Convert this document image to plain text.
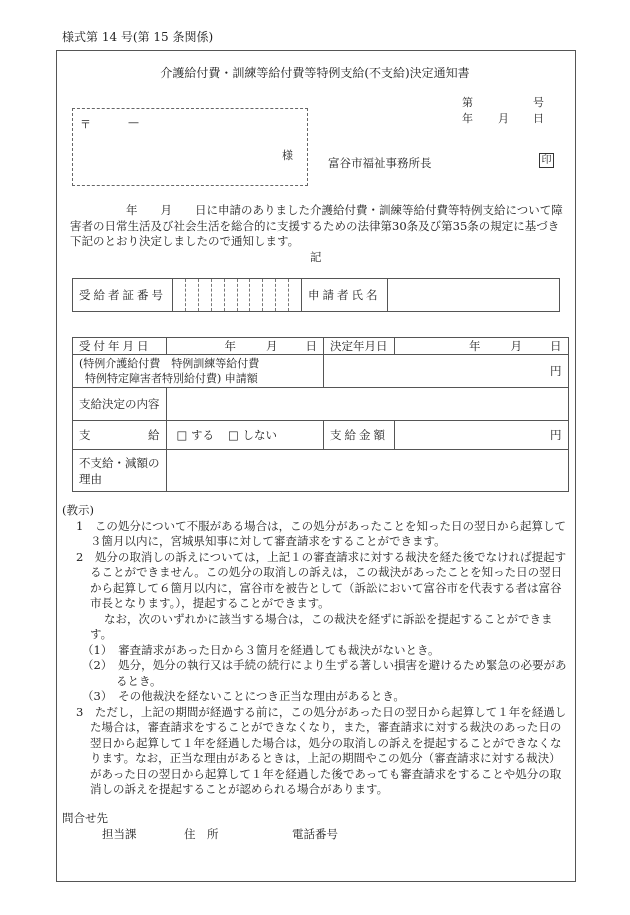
様式第 14 号(第 15 条関係)
介護給付費・訓練等給付費等特例支給(不支給)決定通知書
第	号
年 月 日
〒	—
様
富谷市福祉事務所長	印
年　　 月　　 日に申請のありました介護給付費・訓練等給付費等特例支給について障害者の日常生活及び社会生活を総合的に支援するための法律第30条及び第35条の規定に基づき下記のとおり決定しましたので通知します。
記
受給者証番号		申請者氏名	
受付年月日	年 月 日	決定年月日	年 月 日

(特例介護給付費　特例訓練等給付費
特例特定障害者特別給付費) 申請額		円	
支給決定の内容			
支 給	□ する □ しない	支給金額	円

不支給・減額の
理由			

(教示)
1　この処分について不服がある場合は，この処分があったことを知った日の翌日から起算して３箇月以内に，宮城県知事に対して審査請求をすることができます。
2　処分の取消しの訴えについては，上記１の審査請求に対する裁決を経た後でなければ提起することができません。この処分の取消しの訴えは，この裁決があったことを知った日の翌日から起算して６箇月以内に，富谷市を被告として（訴訟において富谷市を代表する者は富谷市長となります。），提起することができます。
なお，次のいずれかに該当する場合は，この裁決を経ずに訴訟を提起することができます。
（1）　審査請求があった日から３箇月を経過しても裁決がないとき。
（2）　処分，処分の執行又は手続の続行により生ずる著しい損害を避けるため緊急の必要があるとき。
（3）　その他裁決を経ないことにつき正当な理由があるとき。
3　ただし，上記の期間が経過する前に，この処分があった日の翌日から起算して１年を経過した場合は，審査請求をすることができなくなり，また，審査請求に対する裁決のあった日の翌日から起算して１年を経過した場合は，処分の取消しの訴えを提起することができなくなります。なお，正当な理由があるときは，上記の期間やこの処分（審査請求に対する裁決）があった日の翌日から起算して１年を経過した後であっても審査請求をすることや処分の取消しの訴えを提起することが認められる場合があります。
問合せ先
担当課	住　所	電話番号
